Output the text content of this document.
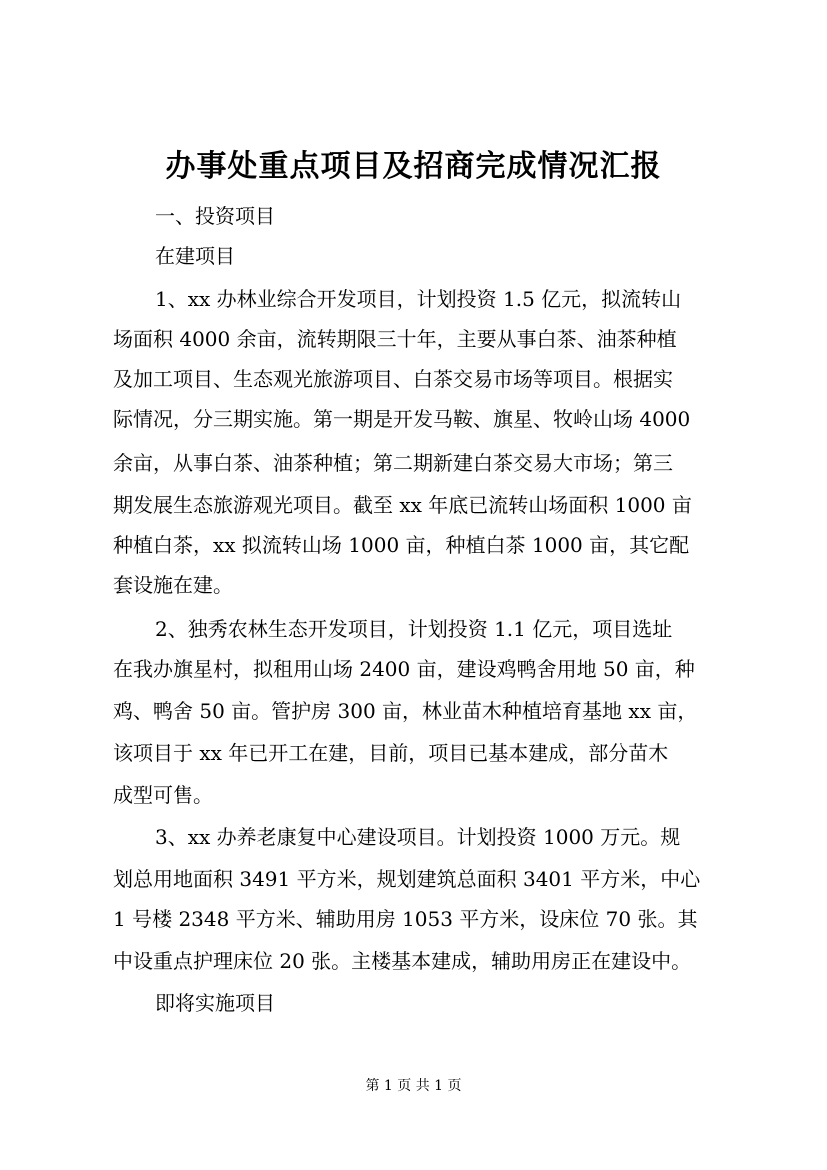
办事处重点项目及招商完成情况汇报
一、投资项目
在建项目
1、xx 办林业综合开发项目，计划投资 1.5 亿元，拟流转山
场面积 4000 余亩，流转期限三十年，主要从事白茶、油茶种植
及加工项目、生态观光旅游项目、白茶交易市场等项目。根据实
际情况，分三期实施。第一期是开发马鞍、旗星、牧岭山场 4000
余亩，从事白茶、油茶种植；第二期新建白茶交易大市场；第三
期发展生态旅游观光项目。截至 xx 年底已流转山场面积 1000 亩
种植白茶，xx 拟流转山场 1000 亩，种植白茶 1000 亩，其它配
套设施在建。
2、独秀农林生态开发项目，计划投资 1.1 亿元，项目选址
在我办旗星村，拟租用山场 2400 亩，建设鸡鸭舍用地 50 亩，种
鸡、鸭舍 50 亩。管护房 300 亩，林业苗木种植培育基地 xx 亩，
该项目于 xx 年已开工在建，目前，项目已基本建成，部分苗木
成型可售。
3、xx 办养老康复中心建设项目。计划投资 1000 万元。规
划总用地面积 3491 平方米，规划建筑总面积 3401 平方米，中心
1 号楼 2348 平方米、辅助用房 1053 平方米，设床位 70 张。其
中设重点护理床位 20 张。主楼基本建成，辅助用房正在建设中。
即将实施项目
第 1 页 共 1 页
